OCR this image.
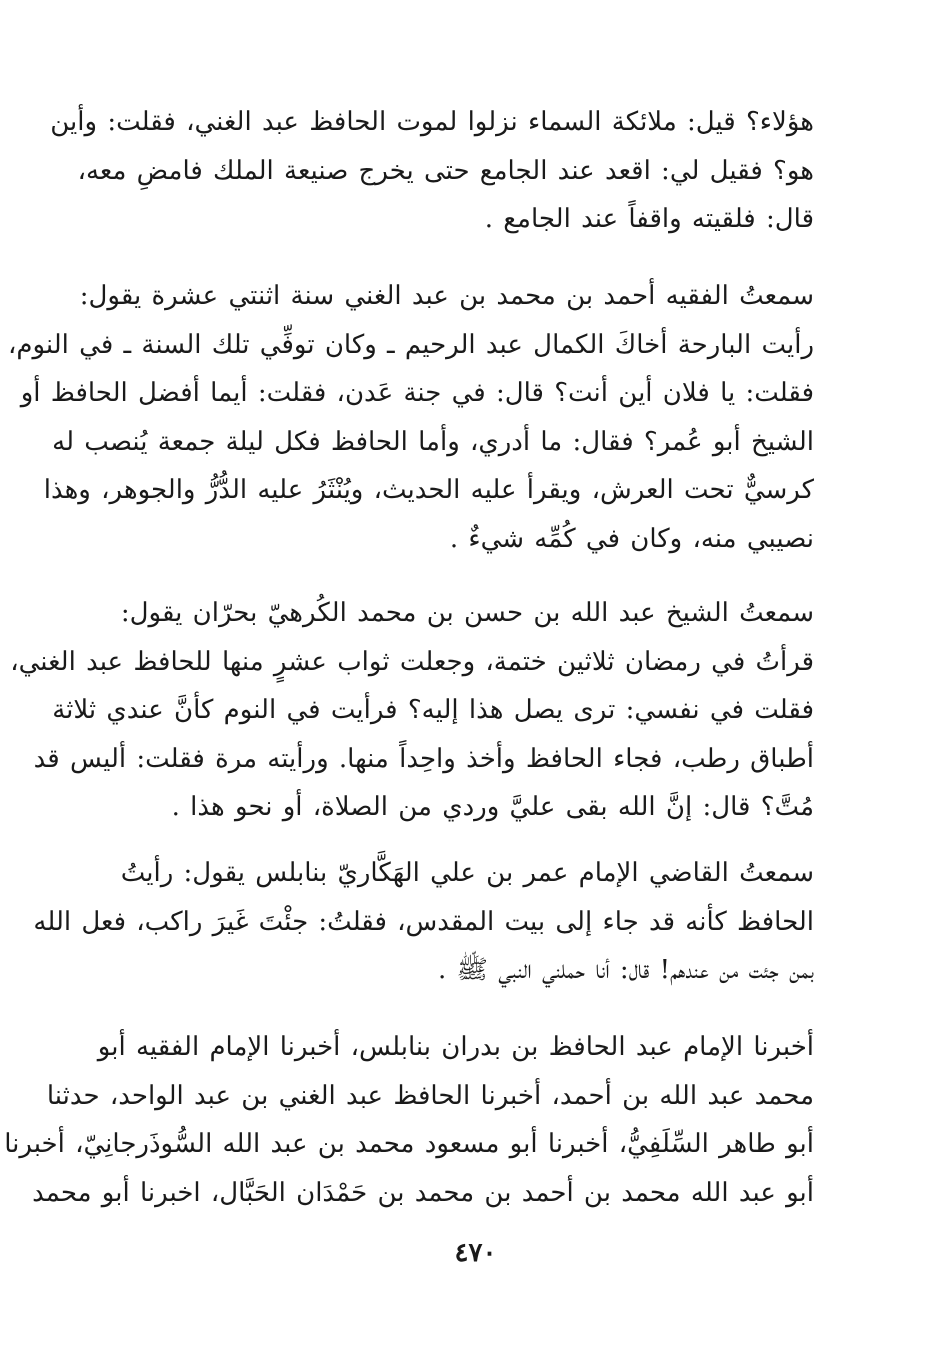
هؤلاء؟ قيل: ملائكة السماء نزلوا لموت الحافظ عبد الغني، فقلت: وأين
هو؟ فقيل لي: اقعد عند الجامع حتى يخرج صنيعة الملك فامضِ معه،
قال: فلقيته واقفاً عند الجامع .
سمعتُ الفقيه أحمد بن محمد بن عبد الغني سنة اثنتي عشرة يقول:
رأيت البارحة أخاكَ الكمال عبد الرحيم ـ وكان توفِّي تلك السنة ـ في النوم،
فقلت: يا فلان أين أنت؟ قال: في جنة عَدن، فقلت: أيما أفضل الحافظ أو
الشيخ أبو عُمر؟ فقال: ما أدري، وأما الحافظ فكل ليلة جمعة يُنصب له
كرسيٌّ تحت العرش، ويقرأ عليه الحديث، ويُنْثَرُ عليه الدُّرُّ والجوهر، وهذا
نصيبي منه، وكان في كُمِّه شيءٌ .
سمعتُ الشيخ عبد الله بن حسن بن محمد الكُرهيّ بحرّان يقول:
قرأتُ في رمضان ثلاثين ختمة، وجعلت ثواب عشرٍ منها للحافظ عبد الغني،
فقلت في نفسي: ترى يصل هذا إليه؟ فرأيت في النوم كأنَّ عندي ثلاثة
أطباق رطب، فجاء الحافظ وأخذ واحِداً منها. ورأيته مرة فقلت: أليس قد
مُتَّ؟ قال: إنَّ الله بقى عليَّ وردي من الصلاة، أو نحو هذا .
سمعتُ القاضي الإمام عمر بن علي الهَكَّاريّ بنابلس يقول: رأيتُ
الحافظ كأنه قد جاء إلى بيت المقدس، فقلتُ: جئْتَ غَيرَ راكب، فعل الله
بمن جئت من عندهم! قال: أنا حملني النبي ﷺ .
أخبرنا الإمام عبد الحافظ بن بدران بنابلس، أخبرنا الإمام الفقيه أبو
محمد عبد الله بن أحمد، أخبرنا الحافظ عبد الغني بن عبد الواحد، حدثنا
أبو طاهر السِّلَفِيُّ، أخبرنا أبو مسعود محمد بن عبد الله السُّوذَرجانِيّ، أخبرنا
أبو عبد الله محمد بن أحمد بن محمد بن حَمْدَان الحَبَّال، اخبرنا أبو محمد
٤٧٠
